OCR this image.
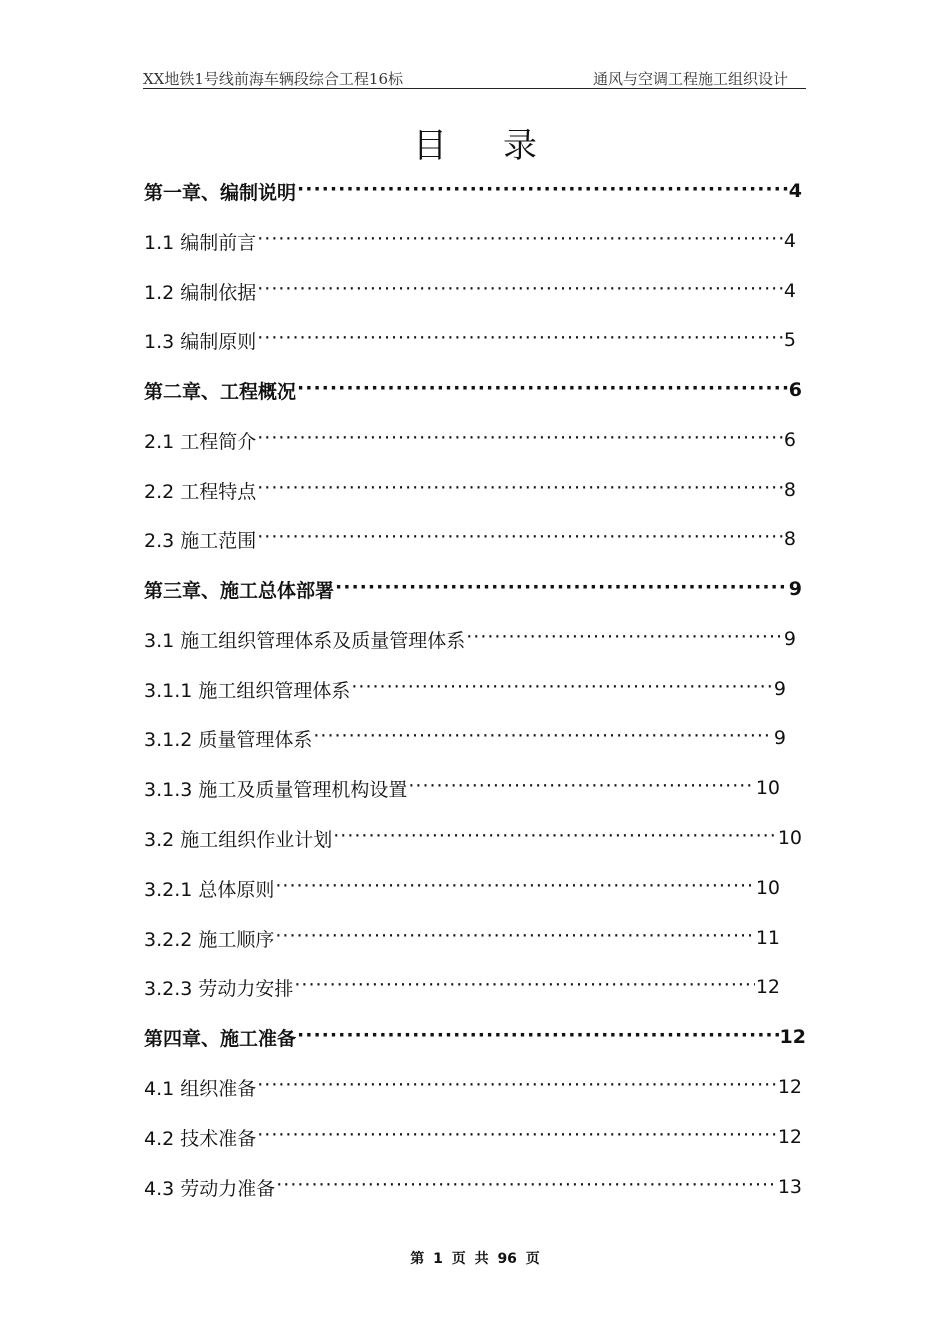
XX地铁1号线前海车辆段综合工程16标	通风与空调工程施工组织设计
目录
第一章、编制说明 ·····	4
1.1 编制前言 ·····	4
1.2 编制依据 ·····	4
1.3 编制原则 ·····	5
第二章、工程概况 ·····	6
2.1 工程简介 ·····	6
2.2 工程特点 ·····	8
2.3 施工范围 ·····	8
第三章、施工总体部署 ·····	9
3.1 施工组织管理体系及质量管理体系 ·····	9
3.1.1 施工组织管理体系 ·····	9
3.1.2 质量管理体系 ·····	9
3.1.3 施工及质量管理机构设置 ·····	10
3.2 施工组织作业计划 ·····	10
3.2.1 总体原则 ·····	10
3.2.2 施工顺序 ·····	11
3.2.3 劳动力安排 ·····	12
第四章、施工准备 ·····	12
4.1 组织准备 ·····	12
4.2 技术准备 ·····	12
4.3 劳动力准备 ·····	13
第 1 页 共 96 页
